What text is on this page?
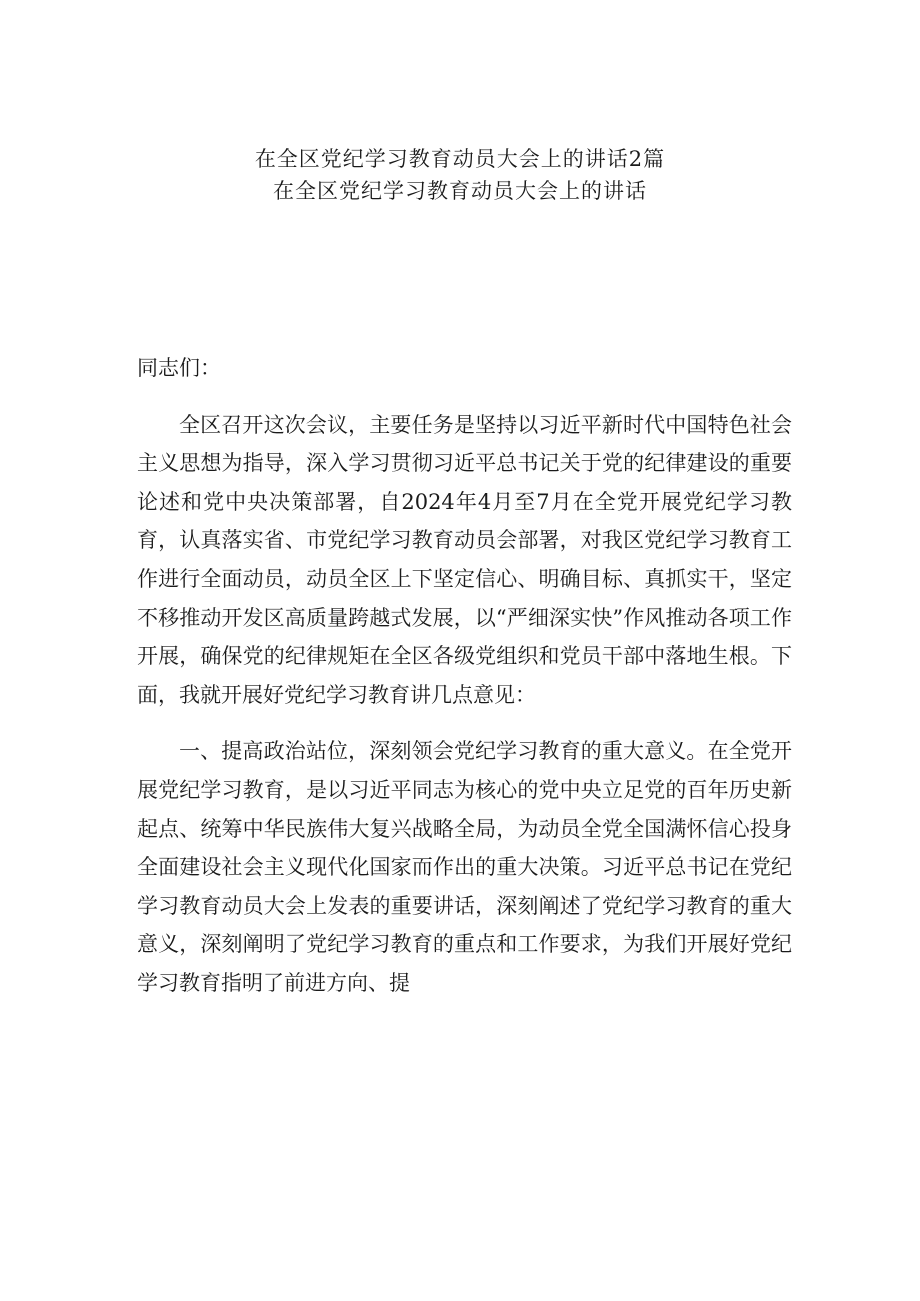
在全区党纪学习教育动员大会上的讲话2篇
在全区党纪学习教育动员大会上的讲话

同志们：

全区召开这次会议，主要任务是坚持以习近平新时代中国特色社会主义思想为指导，深入学习贯彻习近平总书记关于党的纪律建设的重要论述和党中央决策部署，自2024年4月至7月在全党开展党纪学习教育，认真落实省、市党纪学习教育动员会部署，对我区党纪学习教育工作进行全面动员，动员全区上下坚定信心、明确目标、真抓实干，坚定不移推动开发区高质量跨越式发展，以“严细深实快”作风推动各项工作开展，确保党的纪律规矩在全区各级党组织和党员干部中落地生根。下面，我就开展好党纪学习教育讲几点意见：

一、提高政治站位，深刻领会党纪学习教育的重大意义。在全党开展党纪学习教育，是以习近平同志为核心的党中央立足党的百年历史新起点、统筹中华民族伟大复兴战略全局，为动员全党全国满怀信心投身全面建设社会主义现代化国家而作出的重大决策。习近平总书记在党纪学习教育动员大会上发表的重要讲话，深刻阐述了党纪学习教育的重大意义，深刻阐明了党纪学习教育的重点和工作要求，为我们开展好党纪学习教育指明了前进方向、提
